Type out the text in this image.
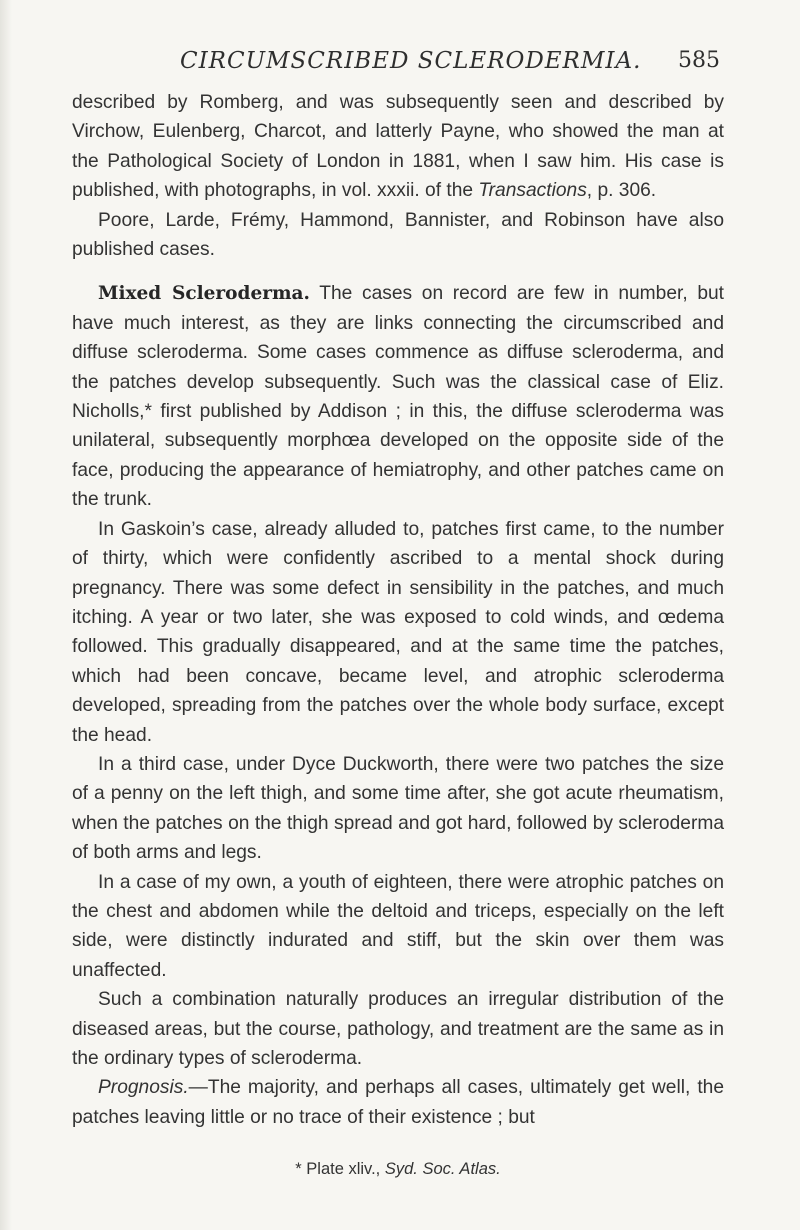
CIRCUMSCRIBED SCLERODERMIA. 585

described by Romberg, and was subsequently seen and described by Virchow, Eulenberg, Charcot, and latterly Payne, who showed the man at the Pathological Society of London in 1881, when I saw him. His case is published, with photographs, in vol. xxxii. of the Transactions, p. 306.

Poore, Larde, Frémy, Hammond, Bannister, and Robinson have also published cases.

Mixed Scleroderma. The cases on record are few in number, but have much interest, as they are links connecting the circumscribed and diffuse scleroderma. Some cases commence as diffuse scleroderma, and the patches develop subsequently. Such was the classical case of Eliz. Nicholls,* first published by Addison ; in this, the diffuse scleroderma was unilateral, subsequently morphœa developed on the opposite side of the face, producing the appearance of hemiatrophy, and other patches came on the trunk.

In Gaskoin’s case, already alluded to, patches first came, to the number of thirty, which were confidently ascribed to a mental shock during pregnancy. There was some defect in sensibility in the patches, and much itching. A year or two later, she was exposed to cold winds, and œdema followed. This gradually disappeared, and at the same time the patches, which had been concave, became level, and atrophic scleroderma developed, spreading from the patches over the whole body surface, except the head.

In a third case, under Dyce Duckworth, there were two patches the size of a penny on the left thigh, and some time after, she got acute rheumatism, when the patches on the thigh spread and got hard, followed by scleroderma of both arms and legs.

In a case of my own, a youth of eighteen, there were atrophic patches on the chest and abdomen while the deltoid and triceps, especially on the left side, were distinctly indurated and stiff, but the skin over them was unaffected.

Such a combination naturally produces an irregular distribution of the diseased areas, but the course, pathology, and treatment are the same as in the ordinary types of scleroderma.

Prognosis.—The majority, and perhaps all cases, ultimately get well, the patches leaving little or no trace of their existence ; but

* Plate xliv., Syd. Soc. Atlas.
